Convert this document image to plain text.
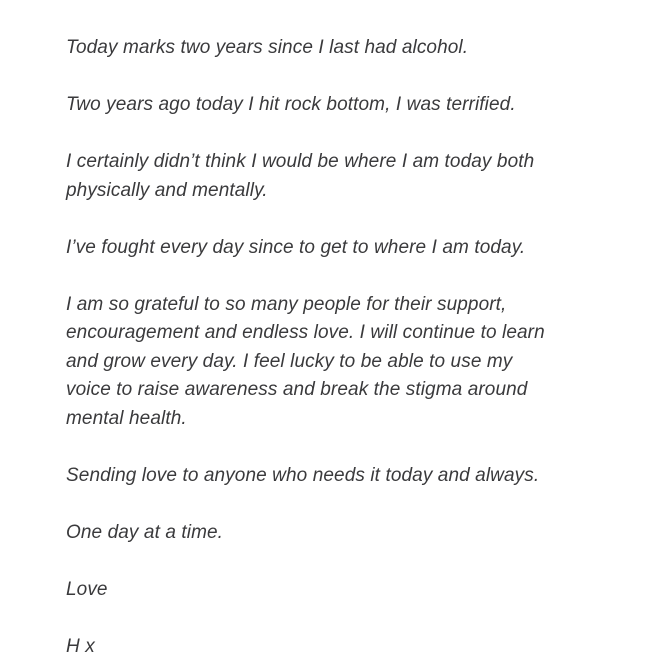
Today marks two years since I last had alcohol.

Two years ago today I hit rock bottom, I was terrified.

I certainly didn’t think I would be where I am today both
physically and mentally.

I’ve fought every day since to get to where I am today.

I am so grateful to so many people for their support,
encouragement and endless love. I will continue to learn
and grow every day. I feel lucky to be able to use my
voice to raise awareness and break the stigma around
mental health.

Sending love to anyone who needs it today and always.

One day at a time.

Love

H x
